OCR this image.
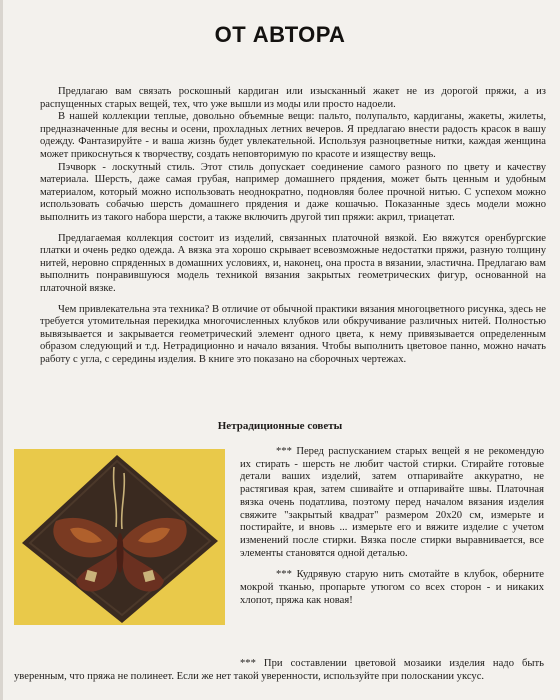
ОТ АВТОРА

Предлагаю вам связать роскошный кардиган или изысканный жакет не из дорогой пряжи, а из распущенных старых вещей, тех, что уже вышли из моды или просто надоели.

В нашей коллекции теплые, довольно объемные вещи: пальто, полупальто, кардиганы, жакеты, жилеты, предназначенные для весны и осени, прохладных летних вечеров. Я предлагаю внести радость красок в вашу одежду. Фантазируйте - и ваша жизнь будет увлекательной. Используя разноцветные нитки, каждая женщина может прикоснуться к творчеству, создать неповторимую по красоте и изяществу вещь.

Пэчворк - лоскутный стиль. Этот стиль допускает соединение самого разного по цвету и качеству материала. Шерсть, даже самая грубая, например домашнего прядения, может быть ценным и удобным материалом, который можно использовать неоднократно, подновляя более прочной нитью. С успехом можно использовать собачью шерсть домашнего прядения и даже кошачью. Показанные здесь модели можно выполнить из такого набора шерсти, а также включить другой тип пряжи: акрил, триацетат.

Предлагаемая коллекция состоит из изделий, связанных платочной вязкой. Ею вяжутся оренбургские платки и очень редко одежда. А вязка эта хорошо скрывает всевозможные недостатки пряжи, разную толщину нитей, неровно спряденных в домашних условиях, и, наконец, она проста в вязании, эластична. Предлагаю вам выполнить понравившуюся модель техникой вязания закрытых геометрических фигур, основанной на платочной вязке.

Чем привлекательна эта техника? В отличие от обычной практики вязания многоцветного рисунка, здесь не требуется утомительная перекидка многочисленных клубков или обкручивание различных нитей. Полностью вывязывается и закрывается геометрический элемент одного цвета, к нему привязывается определенным образом следующий и т.д. Нетрадиционно и начало вязания. Чтобы выполнить цветовое панно, можно начать работу с угла, с середины изделия. В книге это показано на сборочных чертежах.

Нетрадиционные советы

*** Перед распусканием старых вещей я не рекомендую их стирать - шерсть не любит частой стирки. Стирайте готовые детали ваших изделий, затем отпаривайте аккуратно, не растягивая края, затем сшивайте и отпаривайте швы. Платочная вязка очень податлива, поэтому перед началом вязания изделия свяжите "закрытый квадрат" размером 20x20 см, измерьте и постирайте, и вновь ... измерьте его и вяжите изделие с учетом изменений после стирки. Вязка после стирки выравнивается, все элементы становятся одной деталью.

*** Кудрявую старую нить смотайте в клубок, оберните мокрой тканью, пропарьте утюгом со всех сторон - и никаких хлопот, пряжа как новая!

*** При составлении цветовой мозаики изделия надо быть уверенным, что пряжа не полинеет. Если же нет такой уверенности, используйте при полоскании уксус.
